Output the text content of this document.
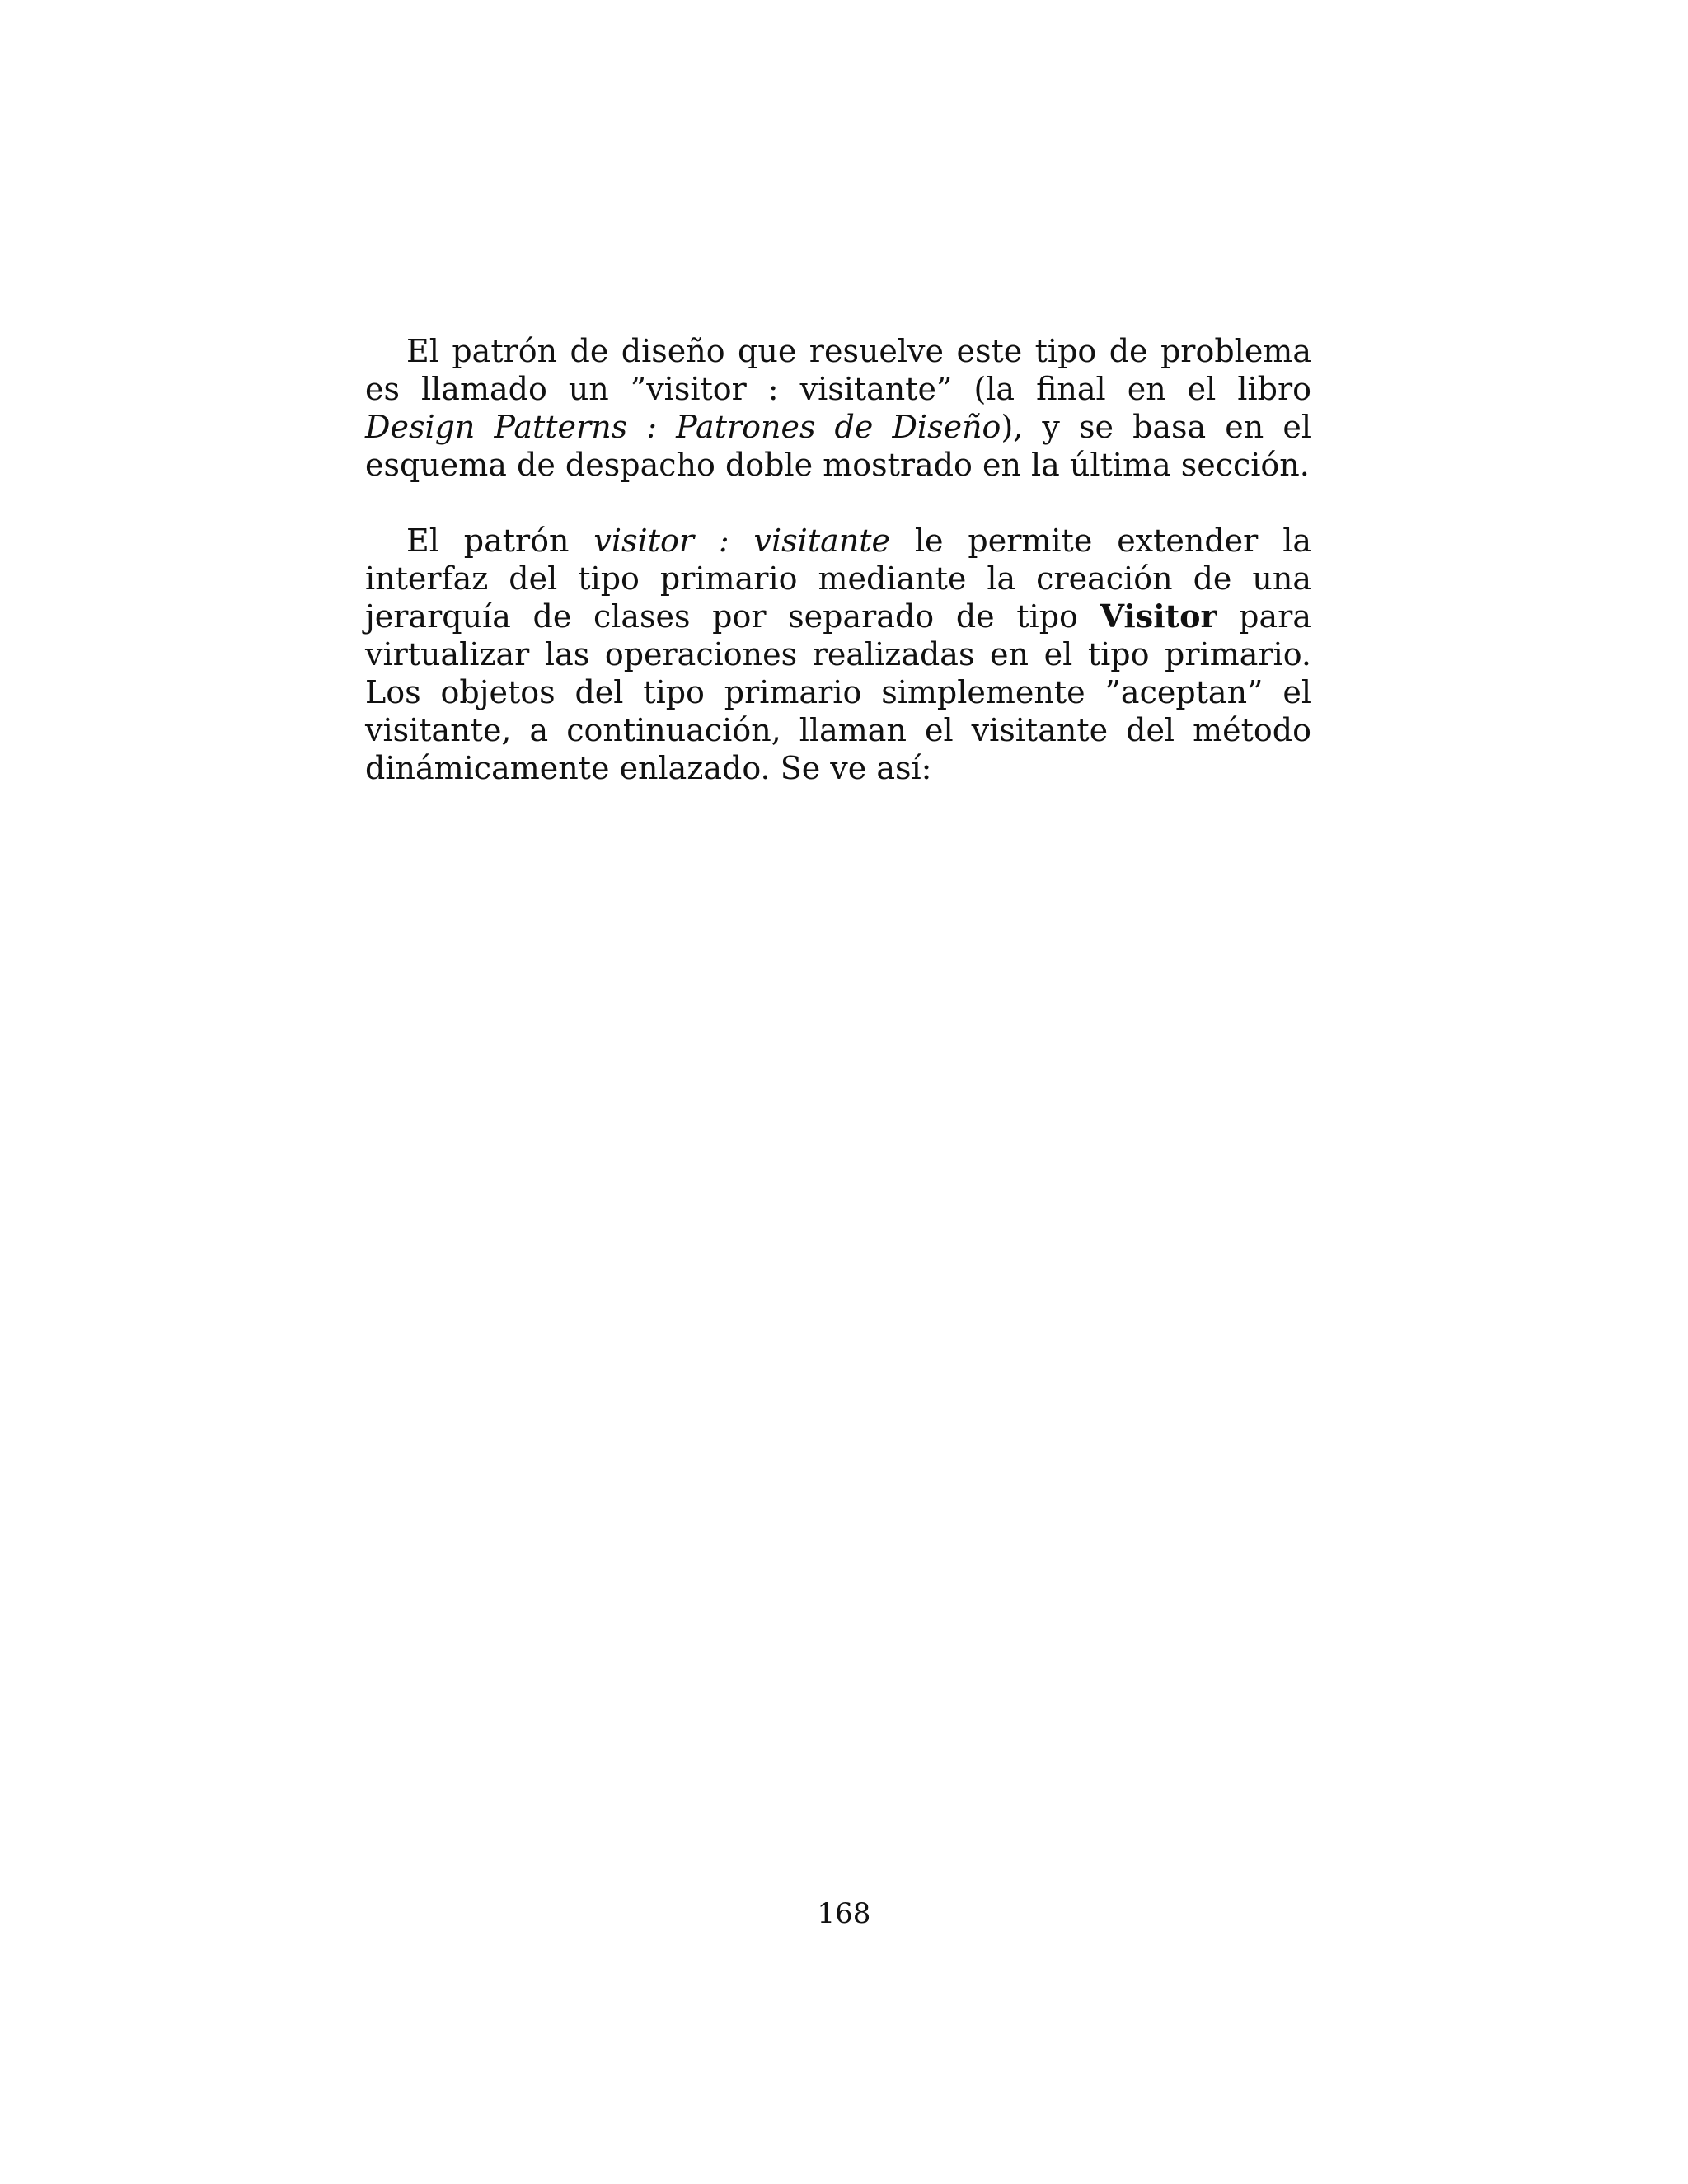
El patrón de diseño que resuelve este tipo de problema es llamado un ”visitor : visitante” (la final en el libro Design Patterns : Patrones de Diseño), y se basa en el esquema de despacho doble mostrado en la última sección.

El patrón visitor : visitante le permite extender la interfaz del tipo primario mediante la creación de una jerarquía de clases por separado de tipo Visitor para virtualizar las operaciones realizadas en el tipo primario. Los objetos del tipo primario simplemente ”aceptan” el visitante, a continuación, llaman el visitante del método dinámicamente enlazado. Se ve así:

168
